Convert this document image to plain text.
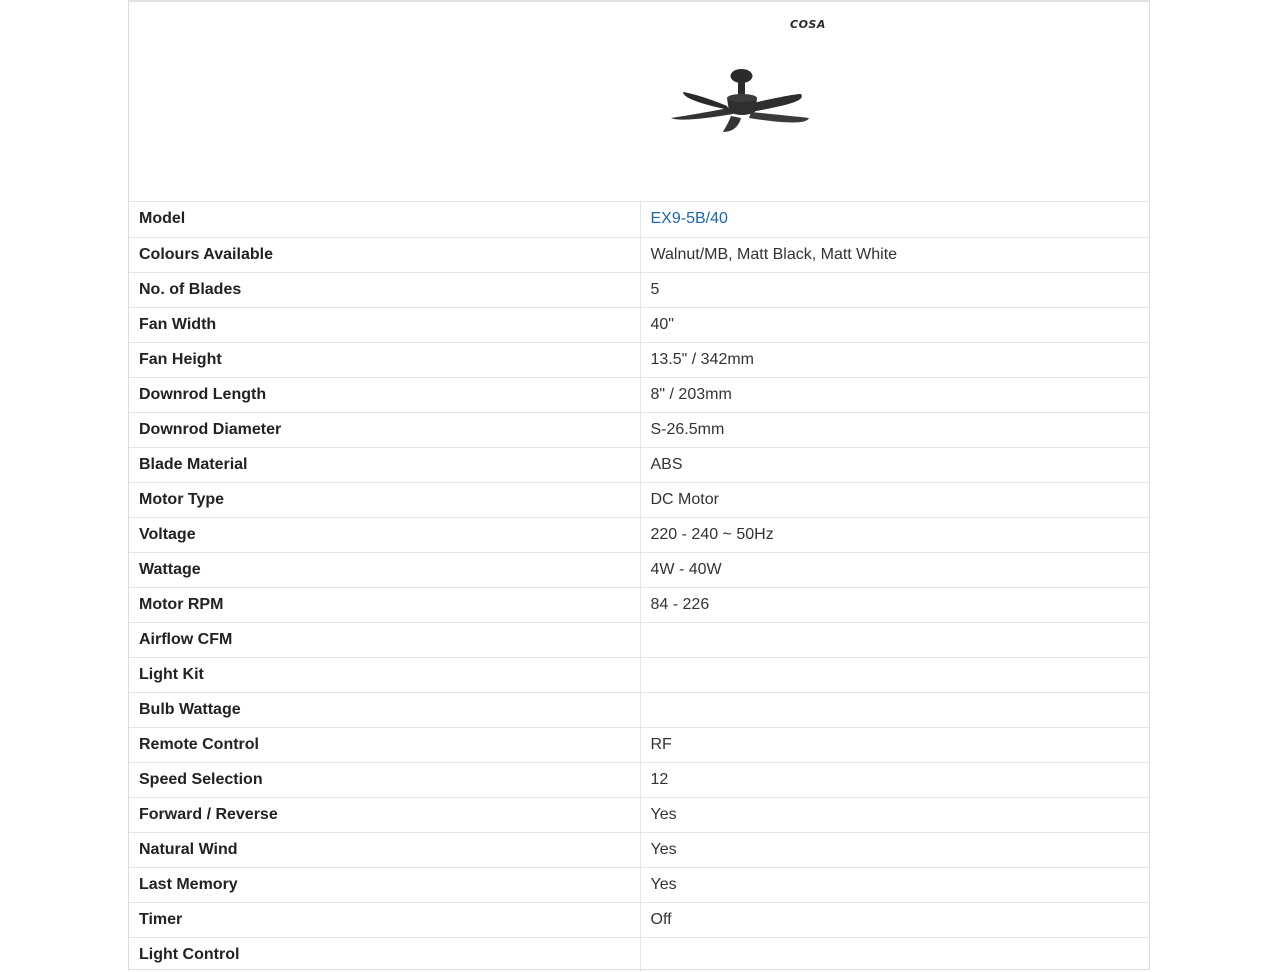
COSA
Model	EX9-5B/40
Colours Available	Walnut/MB, Matt Black, Matt White
No. of Blades	5
Fan Width	40"
Fan Height	13.5" / 342mm
Downrod Length	8" / 203mm
Downrod Diameter	S-26.5mm
Blade Material	ABS
Motor Type	DC Motor
Voltage	220 - 240 ~ 50Hz
Wattage	4W - 40W
Motor RPM	84 - 226
Airflow CFM	
Light Kit	
Bulb Wattage	
Remote Control	RF
Speed Selection	12
Forward / Reverse	Yes
Natural Wind	Yes
Last Memory	Yes
Timer	Off
Light Control	
